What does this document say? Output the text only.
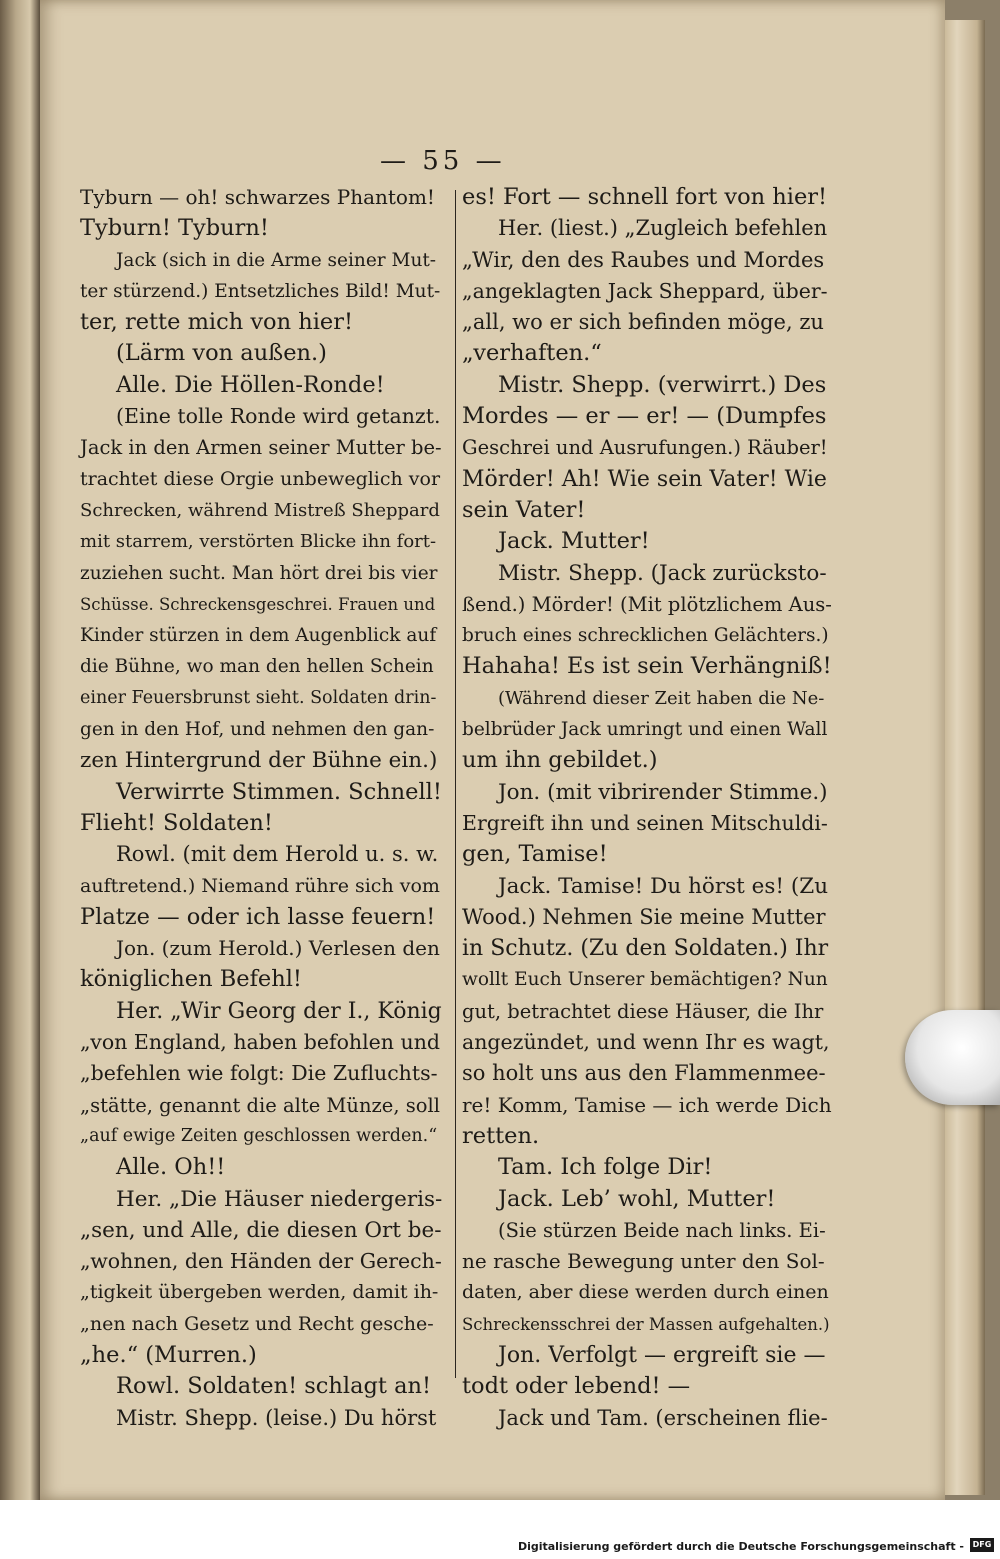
— 55 —
Tyburn — oh! schwarzes Phantom!
Tyburn! Tyburn!
Jack (sich in die Arme seiner Mut-
ter stürzend.) Entsetzliches Bild! Mut-
ter, rette mich von hier!
(Lärm von außen.)
Alle. Die Höllen-Ronde!
(Eine tolle Ronde wird getanzt.
Jack in den Armen seiner Mutter be-
trachtet diese Orgie unbeweglich vor
Schrecken, während Mistreß Sheppard
mit starrem, verstörten Blicke ihn fort-
zuziehen sucht. Man hört drei bis vier
Schüsse. Schreckensgeschrei. Frauen und
Kinder stürzen in dem Augenblick auf
die Bühne, wo man den hellen Schein
einer Feuersbrunst sieht. Soldaten drin-
gen in den Hof, und nehmen den gan-
zen Hintergrund der Bühne ein.)
Verwirrte Stimmen. Schnell!
Flieht! Soldaten!
Rowl. (mit dem Herold u. s. w.
auftretend.) Niemand rühre sich vom
Platze — oder ich lasse feuern!
Jon. (zum Herold.) Verlesen den
königlichen Befehl!
Her. „Wir Georg der I., König
„von England, haben befohlen und
„befehlen wie folgt: Die Zufluchts-
„stätte, genannt die alte Münze, soll
„auf ewige Zeiten geschlossen werden.“
Alle. Oh!!
Her. „Die Häuser niedergeris-
„sen, und Alle, die diesen Ort be-
„wohnen, den Händen der Gerech-
„tigkeit übergeben werden, damit ih-
„nen nach Gesetz und Recht gesche-
„he.“ (Murren.)
Rowl. Soldaten! schlagt an!
Mistr. Shepp. (leise.) Du hörst
es! Fort — schnell fort von hier!
Her. (liest.) „Zugleich befehlen
„Wir, den des Raubes und Mordes
„angeklagten Jack Sheppard, über-
„all, wo er sich befinden möge, zu
„verhaften.“
Mistr. Shepp. (verwirrt.) Des
Mordes — er — er! — (Dumpfes
Geschrei und Ausrufungen.) Räuber!
Mörder! Ah! Wie sein Vater! Wie
sein Vater!
Jack. Mutter!
Mistr. Shepp. (Jack zurücksto-
ßend.) Mörder! (Mit plötzlichem Aus-
bruch eines schrecklichen Gelächters.)
Hahaha! Es ist sein Verhängniß!
(Während dieser Zeit haben die Ne-
belbrüder Jack umringt und einen Wall
um ihn gebildet.)
Jon. (mit vibrirender Stimme.)
Ergreift ihn und seinen Mitschuldi-
gen, Tamise!
Jack. Tamise! Du hörst es! (Zu
Wood.) Nehmen Sie meine Mutter
in Schutz. (Zu den Soldaten.) Ihr
wollt Euch Unserer bemächtigen? Nun
gut, betrachtet diese Häuser, die Ihr
angezündet, und wenn Ihr es wagt,
so holt uns aus den Flammenmee-
re! Komm, Tamise — ich werde Dich
retten.
Tam. Ich folge Dir!
Jack. Leb’ wohl, Mutter!
(Sie stürzen Beide nach links. Ei-
ne rasche Bewegung unter den Sol-
daten, aber diese werden durch einen
Schreckensschrei der Massen aufgehalten.)
Jon. Verfolgt — ergreift sie —
todt oder lebend! —
Jack und Tam. (erscheinen flie-
Digitalisierung gefördert durch die Deutsche Forschungsgemeinschaft -	DFG
